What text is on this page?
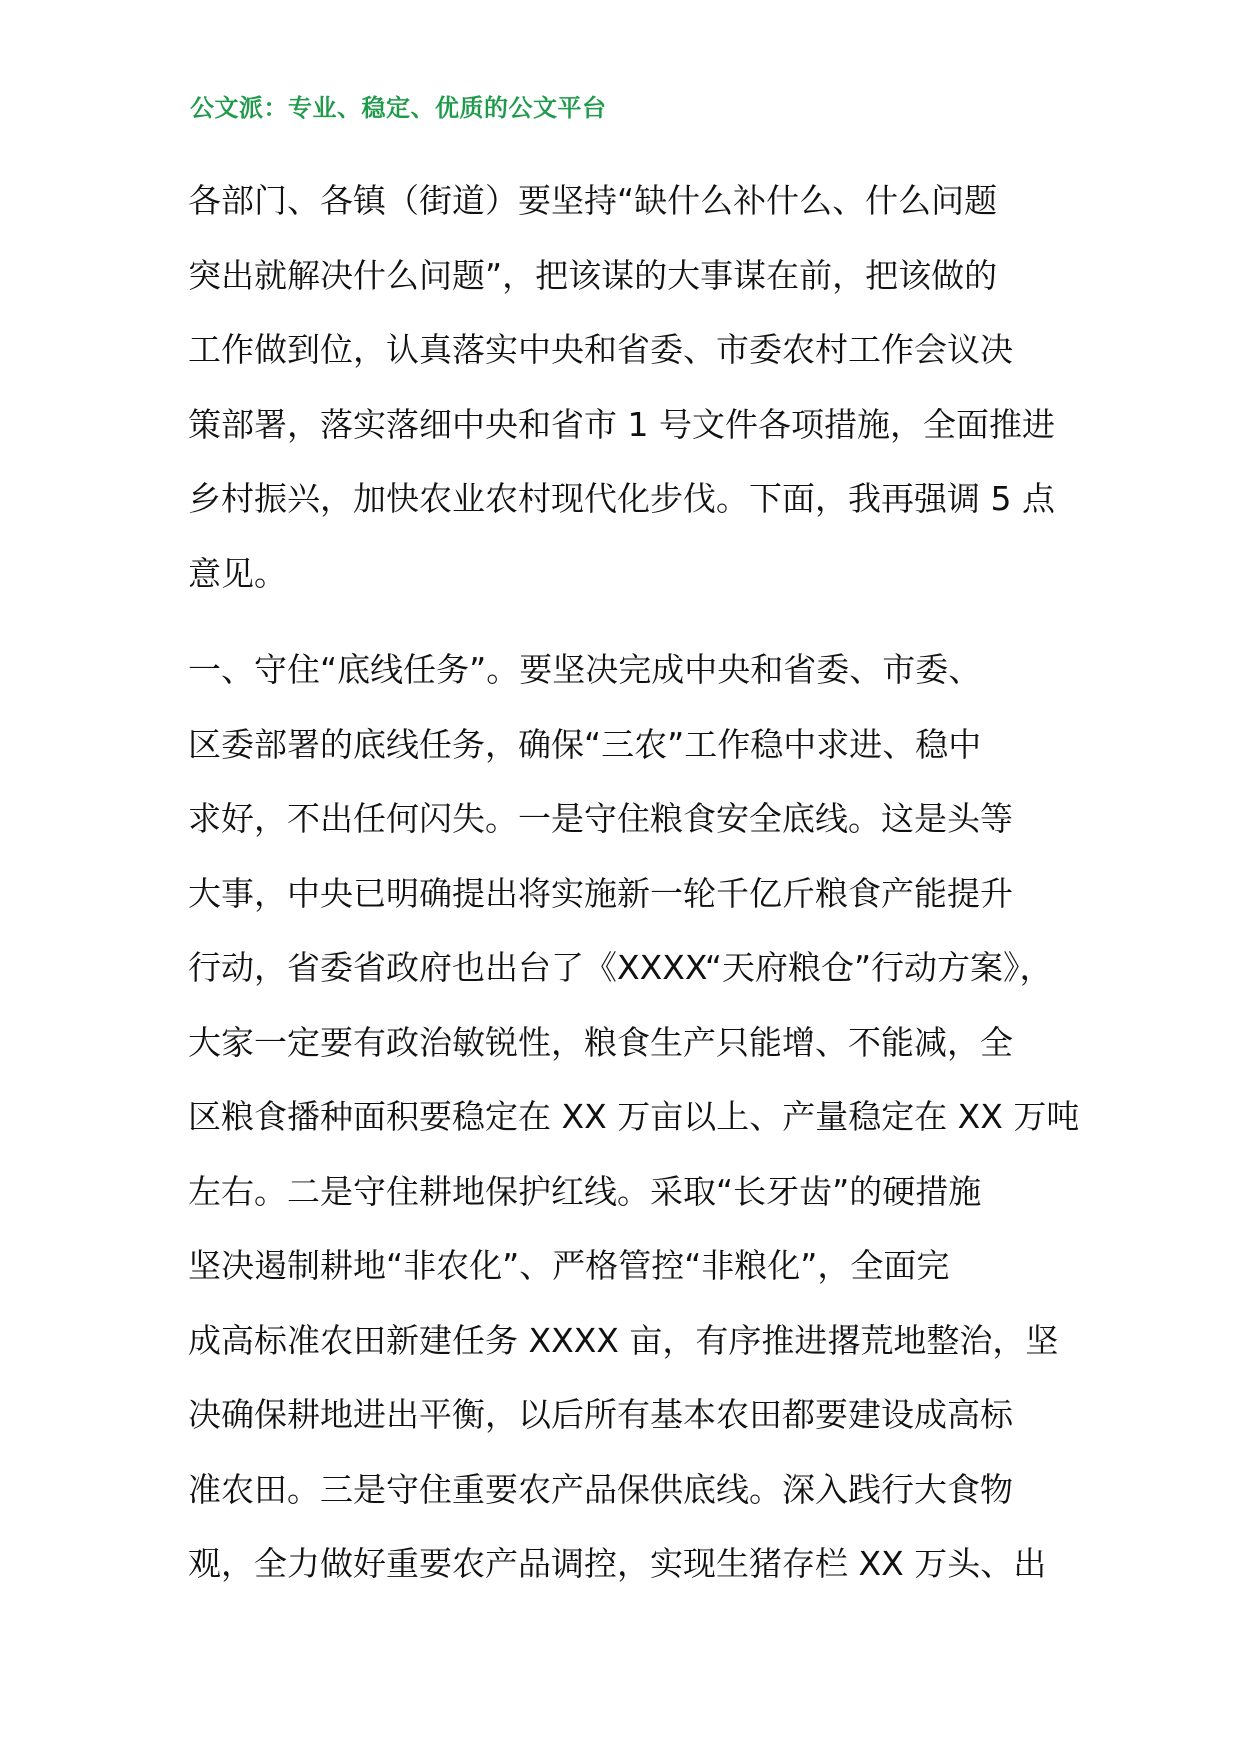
公文派：专业、稳定、优质的公文平台
各部门、各镇（街道）要坚持“缺什么补什么、什么问题
突出就解决什么问题”，把该谋的大事谋在前，把该做的
工作做到位，认真落实中央和省委、市委农村工作会议决
策部署，落实落细中央和省市 1 号文件各项措施，全面推进
乡村振兴，加快农业农村现代化步伐。下面，我再强调 5 点
意见。
一、守住“底线任务”。要坚决完成中央和省委、市委、
区委部署的底线任务，确保“三农”工作稳中求进、稳中
求好，不出任何闪失。一是守住粮食安全底线。这是头等
大事，中央已明确提出将实施新一轮千亿斤粮食产能提升
行动，省委省政府也出台了《XXXX“天府粮仓”行动方案》，
大家一定要有政治敏锐性，粮食生产只能增、不能减，全
区粮食播种面积要稳定在 XX 万亩以上、产量稳定在 XX 万吨
左右。二是守住耕地保护红线。采取“长牙齿”的硬措施
坚决遏制耕地“非农化”、严格管控“非粮化”，全面完
成高标准农田新建任务 XXXX 亩，有序推进撂荒地整治，坚
决确保耕地进出平衡，以后所有基本农田都要建设成高标
准农田。三是守住重要农产品保供底线。深入践行大食物
观，全力做好重要农产品调控，实现生猪存栏 XX 万头、出
